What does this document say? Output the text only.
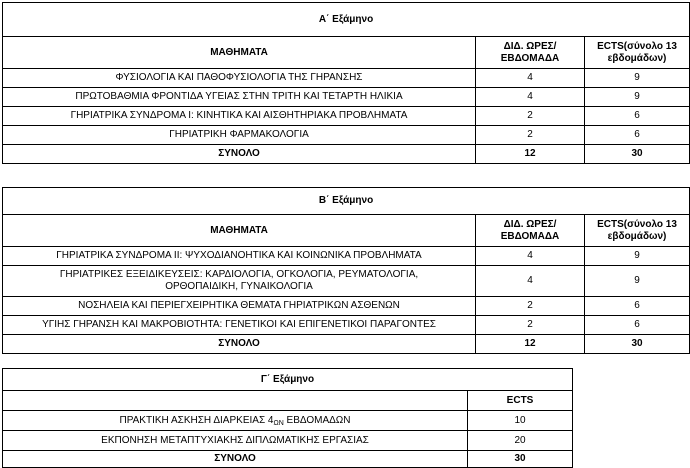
Α΄ Εξάμηνο		
ΜΑΘΗΜΑΤΑ	ΔΙΔ. ΩΡΕΣ/ ΕΒΔΟΜΑΔΑ	ECTS(σύνολο 13 εβδομάδων)
ΦΥΣΙΟΛΟΓΙΑ ΚΑΙ ΠΑΘΟΦΥΣΙΟΛΟΓΙΑ ΤΗΣ ΓΗΡΑΝΣΗΣ	4	9
ΠΡΩΤΟΒΑΘΜΙΑ ΦΡΟΝΤΙΔΑ ΥΓΕΙΑΣ ΣΤΗΝ ΤΡΙΤΗ ΚΑΙ ΤΕΤΑΡΤΗ ΗΛΙΚΙΑ	4	9
ΓΗΡΙΑΤΡΙΚΑ ΣΥΝΔΡΟΜΑ Ι: ΚΙΝΗΤΙΚΑ ΚΑΙ ΑΙΣΘΗΤΗΡΙΑΚΑ ΠΡΟΒΛΗΜΑΤΑ	2	6
ΓΗΡΙΑΤΡΙΚΗ ΦΑΡΜΑΚΟΛΟΓΙΑ	2	6
ΣΥΝΟΛΟ	12	30
Β΄ Εξάμηνο		
ΜΑΘΗΜΑΤΑ	ΔΙΔ. ΩΡΕΣ/ ΕΒΔΟΜΑΔΑ	ECTS(σύνολο 13 εβδομάδων)
ΓΗΡΙΑΤΡΙΚΑ ΣΥΝΔΡΟΜΑ ΙΙ: ΨΥΧΟΔΙΑΝΟΗΤΙΚΑ ΚΑΙ ΚΟΙΝΩΝΙΚΑ ΠΡΟΒΛΗΜΑΤΑ	4	9
ΓΗΡΙΑΤΡΙΚΕΣ ΕΞΕΙΔΙΚΕΥΣΕΙΣ: ΚΑΡΔΙΟΛΟΓΙΑ, ΟΓΚΟΛΟΓΙΑ, ΡΕΥΜΑΤΟΛΟΓΙΑ, ΟΡΘΟΠΑΙΔΙΚΗ, ΓΥΝΑΙΚΟΛΟΓΙΑ	4	9
ΝΟΣΗΛΕΙΑ ΚΑΙ ΠΕΡΙΕΓΧΕΙΡΗΤΙΚΑ ΘΕΜΑΤΑ ΓΗΡΙΑΤΡΙΚΩΝ ΑΣΘΕΝΩΝ	2	6
ΥΓΙΗΣ ΓΗΡΑΝΣΗ ΚΑΙ ΜΑΚΡΟΒΙΟΤΗΤΑ: ΓΕΝΕΤΙΚΟΙ ΚΑΙ ΕΠΙΓΕΝΕΤΙΚΟΙ ΠΑΡΑΓΟΝΤΕΣ	2	6
ΣΥΝΟΛΟ	12	30
Γ΄ Εξάμηνο	
	ECTS
ΠΡΑΚΤΙΚΗ ΑΣΚΗΣΗ ΔΙΑΡΚΕΙΑΣ $4_{\Omega N}$ ΕΒΔΟΜΑΔΩΝ	10
ΕΚΠΟΝΗΣΗ ΜΕΤΑΠΤΥΧΙΑΚΗΣ ΔΙΠΛΩΜΑΤΙΚΗΣ ΕΡΓΑΣΙΑΣ	20
ΣΥΝΟΛΟ	30
